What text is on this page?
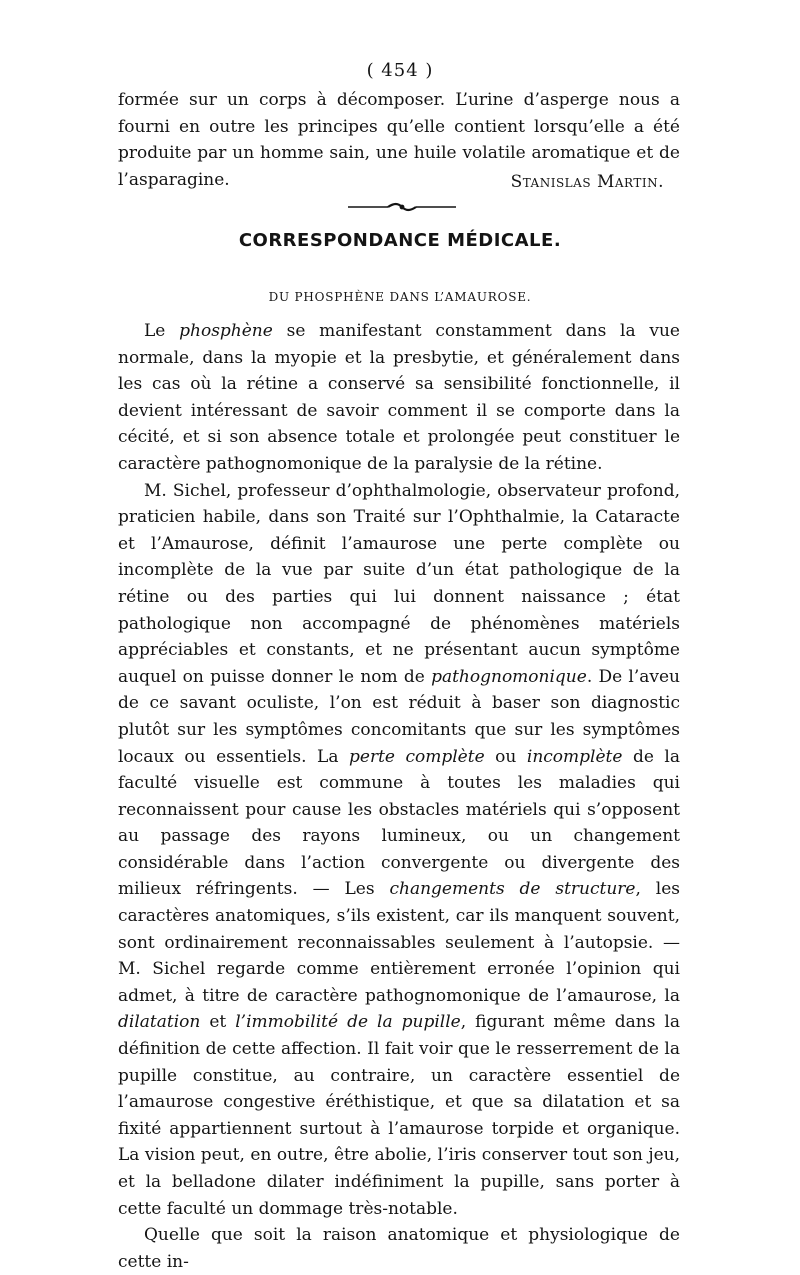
( 454 )

formée sur un corps à décomposer. L’urine d’asperge nous a fourni en outre les principes qu’elle contient lorsqu’elle a été produite par un homme sain, une huile volatile aromatique et de l’asparagine.	Stanislas Martin.
CORRESPONDANCE MÉDICALE.
DU PHOSPHÈNE DANS L’AMAUROSE.

Le phosphène se manifestant constamment dans la vue normale, dans la myopie et la presbytie, et généralement dans les cas où la rétine a conservé sa sensibilité fonctionnelle, il devient intéressant de savoir comment il se comporte dans la cécité, et si son absence totale et prolongée peut constituer le caractère pathognomonique de la paralysie de la rétine.

M. Sichel, professeur d’ophthalmologie, observateur profond, praticien habile, dans son Traité sur l’Ophthalmie, la Cataracte et l’Amaurose, définit l’amaurose une perte complète ou incomplète de la vue par suite d’un état pathologique de la rétine ou des parties qui lui donnent naissance ; état pathologique non accompagné de phénomènes matériels appréciables et constants, et ne présentant aucun symptôme auquel on puisse donner le nom de pathognomonique. De l’aveu de ce savant oculiste, l’on est réduit à baser son diagnostic plutôt sur les symptômes concomitants que sur les symptômes locaux ou essentiels. La perte complète ou incomplète de la faculté visuelle est commune à toutes les maladies qui reconnaissent pour cause les obstacles matériels qui s’opposent au passage des rayons lumineux, ou un changement considérable dans l’action convergente ou divergente des milieux réfringents. — Les changements de structure, les caractères anatomiques, s’ils existent, car ils manquent souvent, sont ordinairement reconnaissables seulement à l’autopsie. — M. Sichel regarde comme entièrement erronée l’opinion qui admet, à titre de caractère pathognomonique de l’amaurose, la dilatation et l’immobilité de la pupille, figurant même dans la définition de cette affection. Il fait voir que le resserrement de la pupille constitue, au contraire, un caractère essentiel de l’amaurose congestive éréthistique, et que sa dilatation et sa fixité appartiennent surtout à l’amaurose torpide et organique. La vision peut, en outre, être abolie, l’iris conserver tout son jeu, et la belladone dilater indéfiniment la pupille, sans porter à cette faculté un dommage très-notable.

Quelle que soit la raison anatomique et physiologique de cette in-
